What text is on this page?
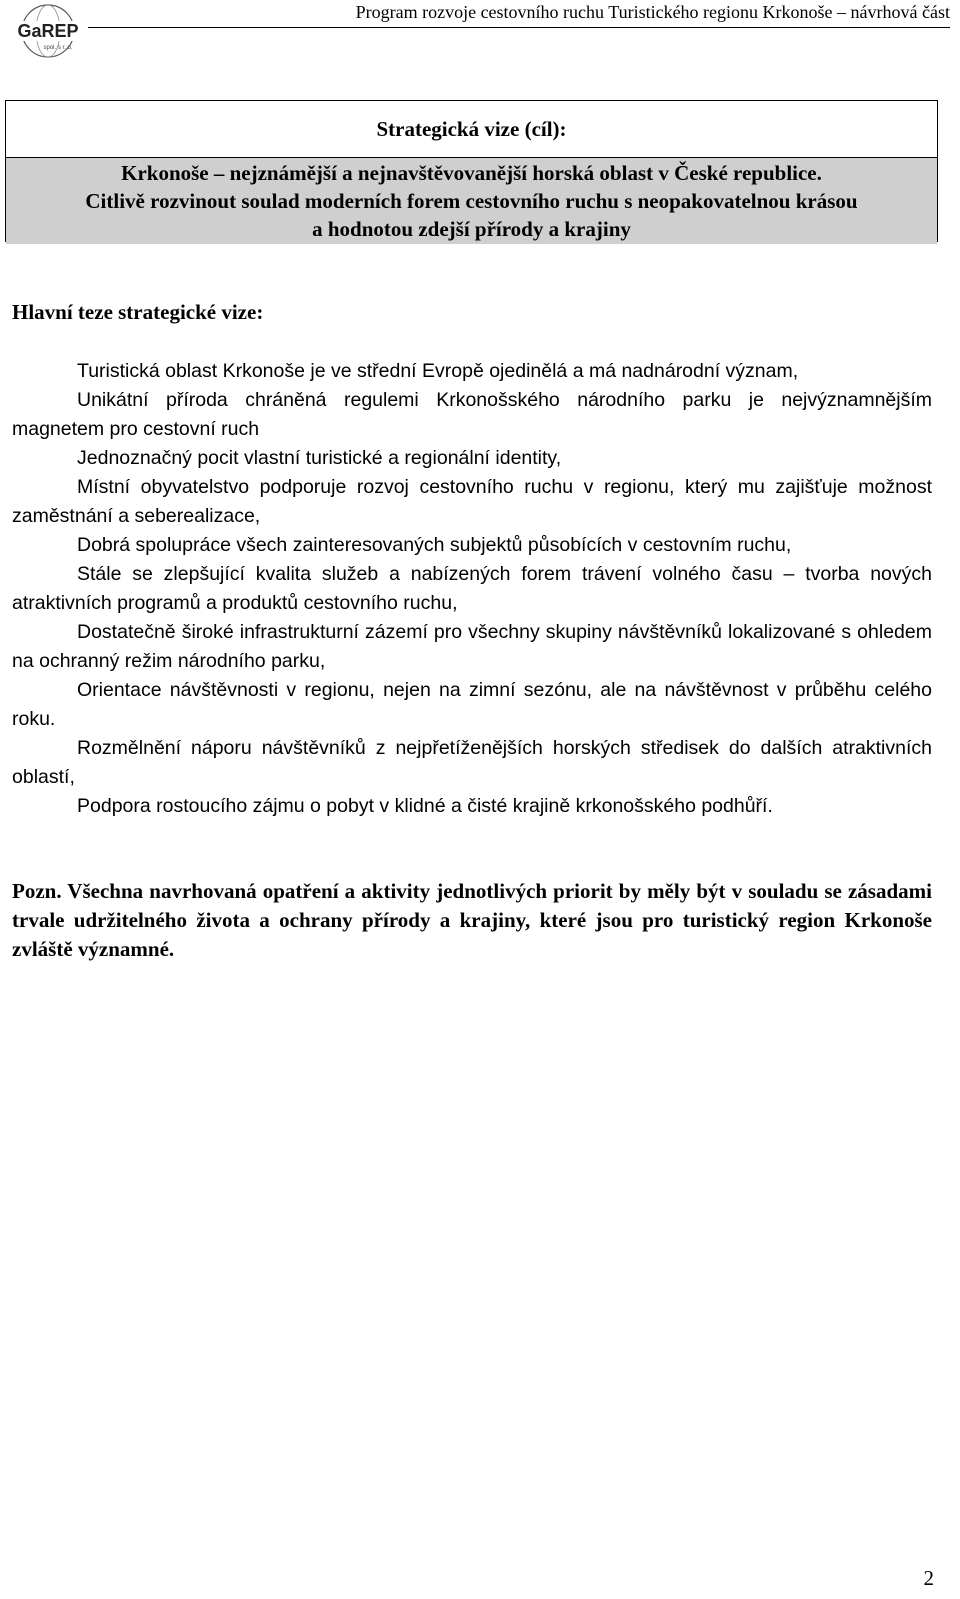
GaREP
spol. s r. o.
Program rozvoje cestovního ruchu Turistického regionu Krkonoše – návrhová část
Strategická vize (cíl):
Krkonoše – nejznámější a nejnavštěvovanější horská oblast v České republice.
Citlivě rozvinout soulad moderních forem cestovního ruchu s neopakovatelnou krásou
a hodnotou zdejší přírody a krajiny
Hlavní teze strategické vize:
• Turistická oblast Krkonoše je ve střední Evropě ojedinělá a má nadnárodní význam,
• Unikátní příroda chráněná regulemi Krkonošského národního parku je nejvýznamnějším magnetem pro cestovní ruch
• Jednoznačný pocit vlastní turistické a regionální identity,
• Místní obyvatelstvo podporuje rozvoj cestovního ruchu v regionu, který mu zajišťuje možnost zaměstnání a seberealizace,
• Dobrá spolupráce všech zainteresovaných subjektů působících v cestovním ruchu,
• Stále se zlepšující kvalita služeb a nabízených forem trávení volného času – tvorba nových atraktivních programů a produktů cestovního ruchu,
• Dostatečně široké infrastrukturní zázemí pro všechny skupiny návštěvníků lokalizované s ohledem na ochranný režim národního parku,
• Orientace návštěvnosti v regionu, nejen na zimní sezónu, ale na návštěvnost v průběhu celého roku.
• Rozmělnění náporu návštěvníků z nejpřetíženějších horských středisek do dalších atraktivních oblastí,
• Podpora rostoucího zájmu o pobyt v klidné a čisté krajině krkonošského podhůří.
Pozn. Všechna navrhovaná opatření a aktivity jednotlivých priorit by měly být v souladu se zásadami trvale udržitelného života a ochrany přírody a krajiny, které jsou pro turistický region Krkonoše zvláště významné.
2
